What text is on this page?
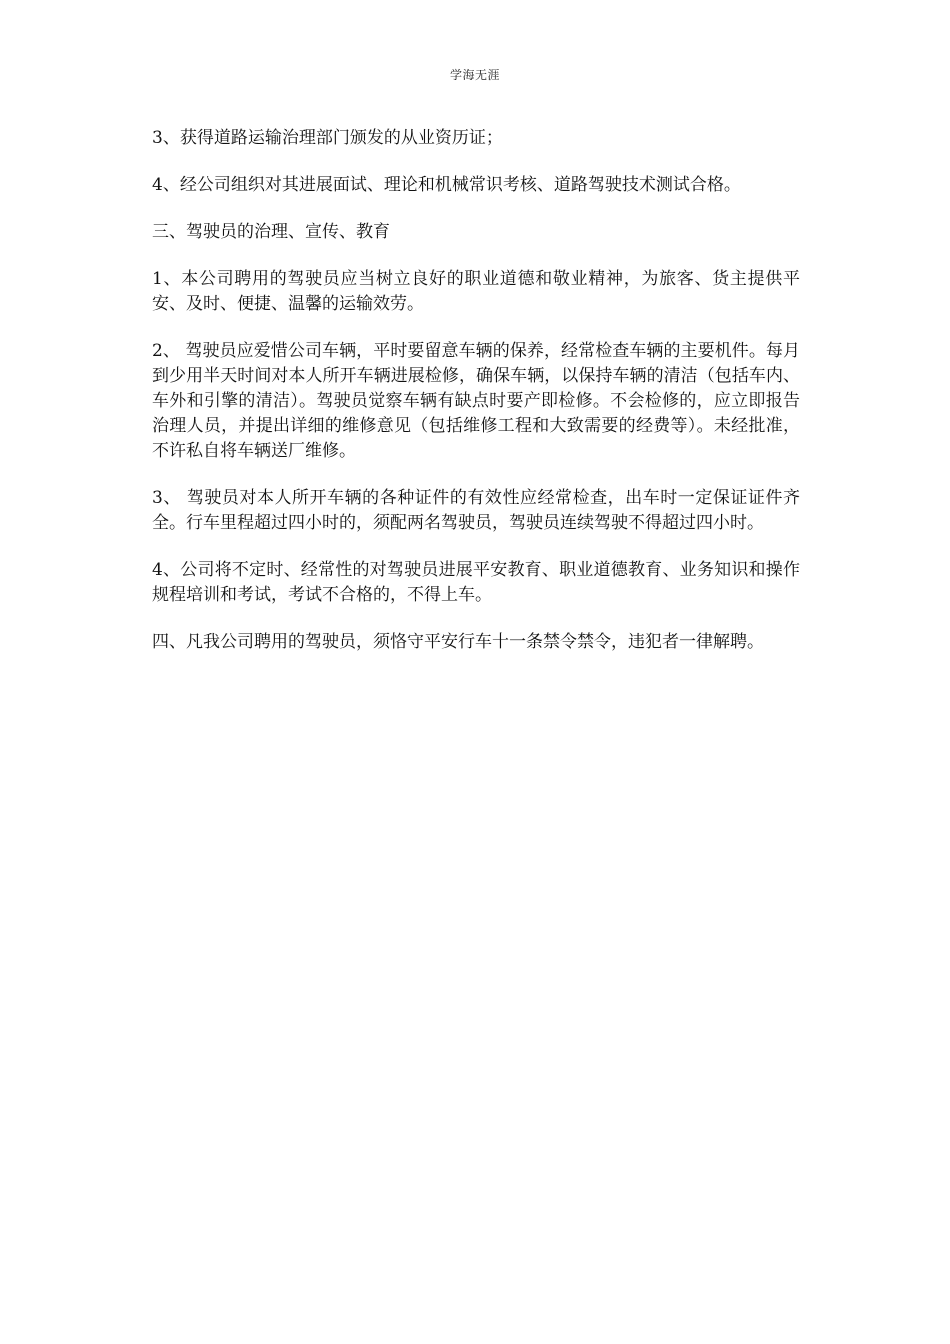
学海无涯

3、获得道路运输治理部门颁发的从业资历证；

4、经公司组织对其进展面试、理论和机械常识考核、道路驾驶技术测试合格。

三、驾驶员的治理、宣传、教育

1、本公司聘用的驾驶员应当树立良好的职业道德和敬业精神，为旅客、货主提供平安、及时、便捷、温馨的运输效劳。

2、 驾驶员应爱惜公司车辆，平时要留意车辆的保养，经常检查车辆的主要机件。每月到少用半天时间对本人所开车辆进展检修，确保车辆，以保持车辆的清洁（包括车内、车外和引擎的清洁）。驾驶员觉察车辆有缺点时要产即检修。不会检修的，应立即报告治理人员，并提出详细的维修意见（包括维修工程和大致需要的经费等）。未经批准，不许私自将车辆送厂维修。

3、 驾驶员对本人所开车辆的各种证件的有效性应经常检查，出车时一定保证证件齐全。行车里程超过四小时的，须配两名驾驶员，驾驶员连续驾驶不得超过四小时。

4、公司将不定时、经常性的对驾驶员进展平安教育、职业道德教育、业务知识和操作规程培训和考试，考试不合格的，不得上车。

四、凡我公司聘用的驾驶员，须恪守平安行车十一条禁令禁令，违犯者一律解聘。
